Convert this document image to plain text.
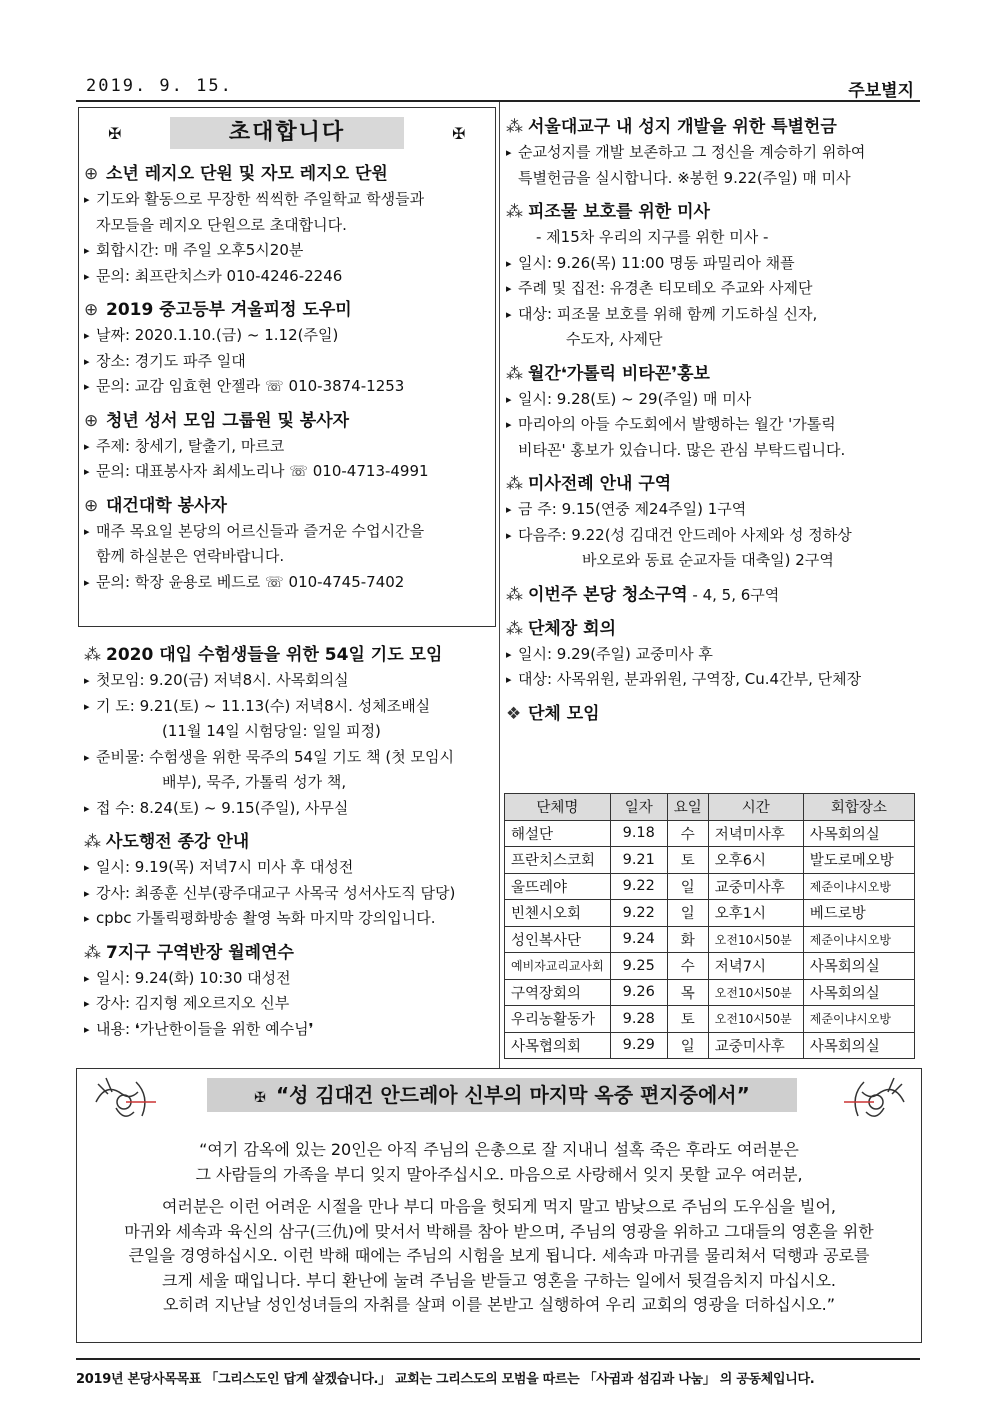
2019. 9. 15.	주보별지
✠	초대합니다	✠
⊕ 소년 레지오 단원 및 자모 레지오 단원
▸ 기도와 활동으로 무장한 씩씩한 주일학교 학생들과
자모들을 레지오 단원으로 초대합니다.
▸ 회합시간: 매 주일 오후5시20분
▸ 문의: 최프란치스카 010-4246-2246
⊕ 2019 중고등부 겨울피정 도우미
▸ 날짜: 2020.1.10.(금) ~ 1.12(주일)
▸ 장소: 경기도 파주 일대
▸ 문의: 교감 임효현 안젤라 ☏ 010-3874-1253
⊕ 청년 성서 모임 그룹원 및 봉사자
▸ 주제: 창세기, 탈출기, 마르코
▸ 문의: 대표봉사자 최세노리나 ☏ 010-4713-4991
⊕ 대건대학 봉사자
▸ 매주 목요일 본당의 어르신들과 즐거운 수업시간을
함께 하실분은 연락바랍니다.
▸ 문의: 학장 윤용로 베드로 ☏ 010-4745-7402
⁂ 2020 대입 수험생들을 위한 54일 기도 모임
▸ 첫모임: 9.20(금) 저녁8시. 사목회의실
▸ 기 도: 9.21(토) ~ 11.13(수) 저녁8시. 성체조배실
(11월 14일 시험당일: 일일 피정)
▸ 준비물: 수험생을 위한 묵주의 54일 기도 책 (첫 모임시
배부), 묵주, 가톨릭 성가 책,
▸ 접 수: 8.24(토) ~ 9.15(주일), 사무실
⁂ 사도행전 종강 안내
▸ 일시: 9.19(목) 저녁7시 미사 후 대성전
▸ 강사: 최종훈 신부(광주대교구 사목국 성서사도직 담당)
▸ cpbc 가톨릭평화방송 촬영 녹화 마지막 강의입니다.
⁂ 7지구 구역반장 월례연수
▸ 일시: 9.24(화) 10:30 대성전
▸ 강사: 김지형 제오르지오 신부
▸ 내용: ❛가난한이들을 위한 예수님❜
⁂ 서울대교구 내 성지 개발을 위한 특별헌금
▸ 순교성지를 개발 보존하고 그 정신을 계승하기 위하여
특별헌금을 실시합니다. ※봉헌 9.22(주일) 매 미사
⁂ 피조물 보호를 위한 미사
- 제15차 우리의 지구를 위한 미사 -
▸ 일시: 9.26(목) 11:00 명동 파밀리아 채플
▸ 주례 및 집전: 유경촌 티모테오 주교와 사제단
▸ 대상: 피조물 보호를 위해 함께 기도하실 신자,
수도자, 사제단
⁂ 월간❛가톨릭 비타꼰❜홍보
▸ 일시: 9.28(토) ~ 29(주일) 매 미사
▸ 마리아의 아들 수도회에서 발행하는 월간 '가톨릭
비타꼰' 홍보가 있습니다. 많은 관심 부탁드립니다.
⁂ 미사전례 안내 구역
▸ 금 주: 9.15(연중 제24주일) 1구역
▸ 다음주: 9.22(성 김대건 안드레아 사제와 성 정하상
바오로와 동료 순교자들 대축일) 2구역
⁂ 이번주 본당 청소구역 - 4, 5, 6구역
⁂ 단체장 회의
▸ 일시: 9.29(주일) 교중미사 후
▸ 대상: 사목위원, 분과위원, 구역장, Cu.4간부, 단체장
❖ 단체 모임
단체명	일자	요일	시간	회합장소
해설단	9.18	수	저녁미사후	사목회의실
프란치스코회	9.21	토	오후6시	발도로메오방
울뜨레야	9.22	일	교중미사후	제준이냐시오방
빈첸시오회	9.22	일	오후1시	베드로방
성인복사단	9.24	화	오전10시50분	제준이냐시오방
예비자교리교사회	9.25	수	저녁7시	사목회의실
구역장회의	9.26	목	오전10시50분	사목회의실
우리농활동가	9.28	토	오전10시50분	제준이냐시오방
사목협의회	9.29	일	교중미사후	사목회의실
✠ “성 김대건 안드레아 신부의 마지막 옥중 편지중에서”
“여기 감옥에 있는 20인은 아직 주님의 은총으로 잘 지내니 설혹 죽은 후라도 여러분은
그 사람들의 가족을 부디 잊지 말아주십시오. 마음으로 사랑해서 잊지 못할 교우 여러분,
여러분은 이런 어려운 시절을 만나 부디 마음을 헛되게 먹지 말고 밤낮으로 주님의 도우심을 빌어,
마귀와 세속과 육신의 삼구(三仇)에 맞서서 박해를 참아 받으며, 주님의 영광을 위하고 그대들의 영혼을 위한
큰일을 경영하십시오. 이런 박해 때에는 주님의 시험을 보게 됩니다. 세속과 마귀를 물리쳐서 덕행과 공로를
크게 세울 때입니다. 부디 환난에 눌려 주님을 받들고 영혼을 구하는 일에서 뒷걸음치지 마십시오.
오히려 지난날 성인성녀들의 자취를 살펴 이를 본받고 실행하여 우리 교회의 영광을 더하십시오.”
2019년 본당사목목표 「그리스도인 답게 살겠습니다.」 교회는 그리스도의 모범을 따르는 「사귐과 섬김과 나눔」 의 공동체입니다.
